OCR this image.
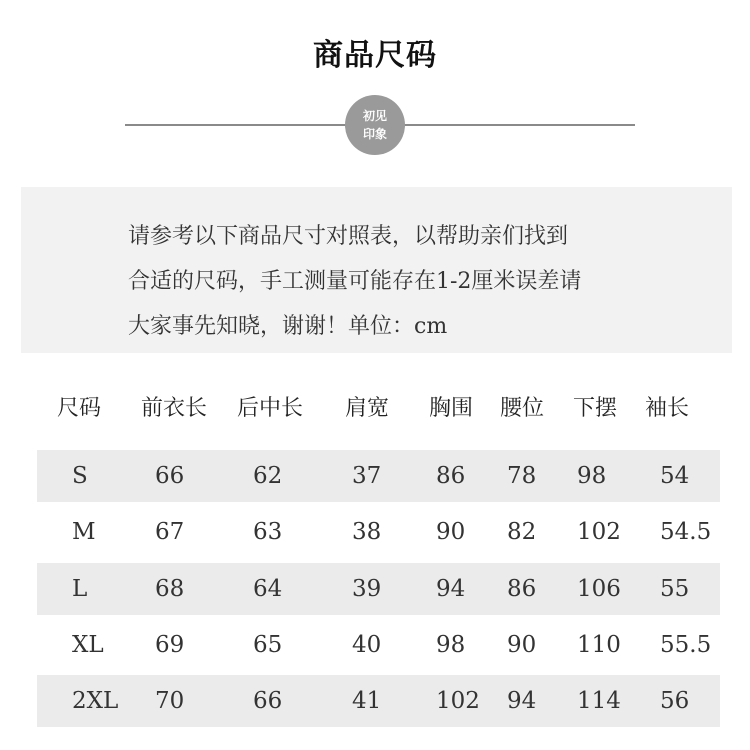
商品尺码
初见
印象
请参考以下商品尺寸对照表，以帮助亲们找到
合适的尺码，手工测量可能存在1-2厘米误差请
大家事先知晓，谢谢！单位：cm
尺码 前衣长 后中长 肩宽 胸围 腰位 下摆 袖长
S	66	62	37 86 78 98 54
M	67	63	38 90 82 102 54.5
L	68	64	39 94 86 106 55
XL 69	65	40 98 90 110 55.5
2XL 70	66	41 102 94 114 56
